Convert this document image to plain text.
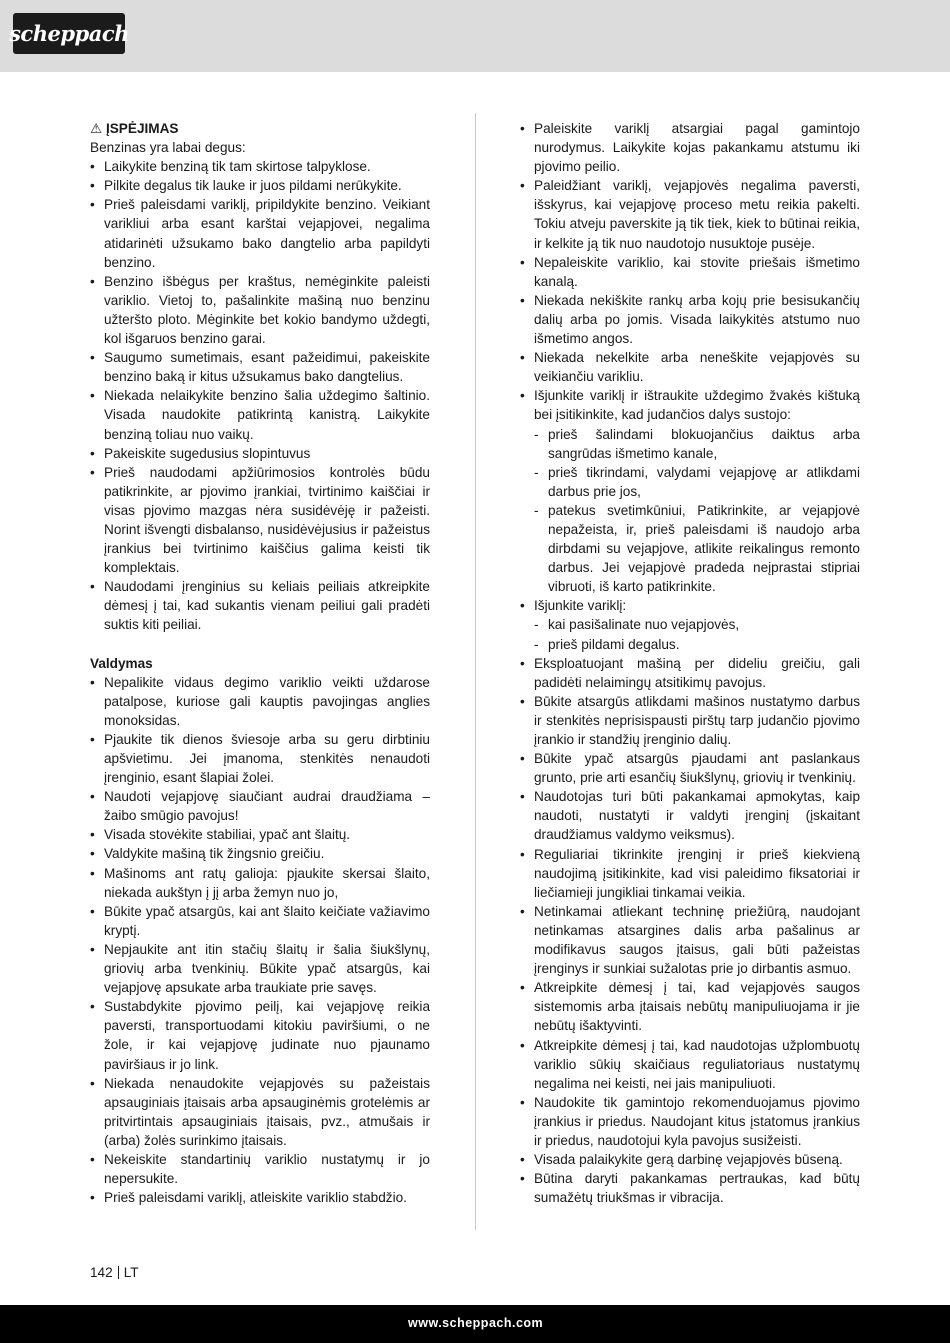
scheppach

⚠ ĮSPĖJIMAS

Benzinas yra labai degus:

• Laikykite benziną tik tam skirtose talpyklose.
• Pilkite degalus tik lauke ir juos pildami nerūkykite.
• Prieš paleisdami variklį, pripildykite benzino. Veikiant varikliui arba esant karštai vejapjovei, negalima atidarinėti užsukamo bako dangtelio arba papildyti benzino.
• Benzino išbėgus per kraštus, nemėginkite paleisti variklio. Vietoj to, pašalinkite mašiną nuo benzinu užteršto ploto. Mėginkite bet kokio bandymo uždegti, kol išgaruos benzino garai.
• Saugumo sumetimais, esant pažeidimui, pakeiskite benzino baką ir kitus užsukamus bako dangtelius.
• Niekada nelaikykite benzino šalia uždegimo šaltinio. Visada naudokite patikrintą kanistrą. Laikykite benziną toliau nuo vaikų.
• Pakeiskite sugedusius slopintuvus
• Prieš naudodami apžiūrimosios kontrolės būdu patikrinkite, ar pjovimo įrankiai, tvirtinimo kaiščiai ir visas pjovimo mazgas nėra susidėvėję ir pažeisti. Norint išvengti disbalanso, nusidėvėjusius ir pažeistus įrankius bei tvirtinimo kaiščius galima keisti tik komplektais.
• Naudodami įrenginius su keliais peiliais atkreipkite dėmesį į tai, kad sukantis vienam peiliui gali pradėti suktis kiti peiliai.

Valdymas

• Nepalikite vidaus degimo variklio veikti uždarose patalpose, kuriose gali kauptis pavojingas anglies monoksidas.
• Pjaukite tik dienos šviesoje arba su geru dirbtiniu apšvietimu. Jei įmanoma, stenkitės nenaudoti įrenginio, esant šlapiai žolei.
• Naudoti vejapjovę siaučiant audrai draudžiama – žaibo smūgio pavojus!
• Visada stovėkite stabiliai, ypač ant šlaitų.
• Valdykite mašiną tik žingsnio greičiu.
• Mašinoms ant ratų galioja: pjaukite skersai šlaito, niekada aukštyn į jį arba žemyn nuo jo,
• Būkite ypač atsargūs, kai ant šlaito keičiate važiavimo kryptį.
• Nepjaukite ant itin stačių šlaitų ir šalia šiukšlynų, griovių arba tvenkinių. Būkite ypač atsargūs, kai vejapjovę apsukate arba traukiate prie savęs.
• Sustabdykite pjovimo peilį, kai vejapjovę reikia paversti, transportuodami kitokiu paviršiumi, o ne žole, ir kai vejapjovę judinate nuo pjaunamo paviršiaus ir jo link.
• Niekada nenaudokite vejapjovės su pažeistais apsauginiais įtaisais arba apsauginėmis grotelėmis ar pritvirtintais apsauginiais įtaisais, pvz., atmušais ir (arba) žolės surinkimo įtaisais.
• Nekeiskite standartinių variklio nustatymų ir jo nepersukite.
• Prieš paleisdami variklį, atleiskite variklio stabdžio.
• Paleiskite variklį atsargiai pagal gamintojo nurodymus. Laikykite kojas pakankamu atstumu iki pjovimo peilio.
• Paleidžiant variklį, vejapjovės negalima paversti, išskyrus, kai vejapjovę proceso metu reikia pakelti. Tokiu atveju paverskite ją tik tiek, kiek to būtinai reikia, ir kelkite ją tik nuo naudotojo nusuktoje pusėje.
• Nepaleiskite variklio, kai stovite priešais išmetimo kanalą.
• Niekada nekiškite rankų arba kojų prie besisukančių dalių arba po jomis. Visada laikykitės atstumo nuo išmetimo angos.
• Niekada nekelkite arba neneškite vejapjovės su veikiančiu varikliu.
• Išjunkite variklį ir ištraukite uždegimo žvakės kištuką bei įsitikinkite, kad judančios dalys sustojo:
- prieš šalindami blokuojančius daiktus arba sangrūdas išmetimo kanale,
- prieš tikrindami, valydami vejapjovę ar atlikdami darbus prie jos,
- patekus svetimkūniui, Patikrinkite, ar vejapjovė nepažeista, ir, prieš paleisdami iš naudojo arba dirbdami su vejapjove, atlikite reikalingus remonto darbus. Jei vejapjovė pradeda neįprastai stipriai vibruoti, iš karto patikrinkite.
• Išjunkite variklį:
- kai pasišalinate nuo vejapjovės,
- prieš pildami degalus.
• Eksploatuojant mašiną per dideliu greičiu, gali padidėti nelaimingų atsitikimų pavojus.
• Būkite atsargūs atlikdami mašinos nustatymo darbus ir stenkitės neprisispausti pirštų tarp judančio pjovimo įrankio ir standžių įrenginio dalių.
• Būkite ypač atsargūs pjaudami ant paslankaus grunto, prie arti esančių šiukšlynų, griovių ir tvenkinių.
• Naudotojas turi būti pakankamai apmokytas, kaip naudoti, nustatyti ir valdyti įrenginį (įskaitant draudžiamus valdymo veiksmus).
• Reguliariai tikrinkite įrenginį ir prieš kiekvieną naudojimą įsitikinkite, kad visi paleidimo fiksatoriai ir liečiamieji jungikliai tinkamai veikia.
• Netinkamai atliekant techninę priežiūrą, naudojant netinkamas atsargines dalis arba pašalinus ar modifikavus saugos įtaisus, gali būti pažeistas įrenginys ir sunkiai sužalotas prie jo dirbantis asmuo.
• Atkreipkite dėmesį į tai, kad vejapjovės saugos sistemomis arba įtaisais nebūtų manipuliuojama ir jie nebūtų išaktyvinti.
• Atkreipkite dėmesį į tai, kad naudotojas užplombuotų variklio sūkių skaičiaus reguliatoriaus nustatymų negalima nei keisti, nei jais manipuliuoti.
• Naudokite tik gamintojo rekomenduojamus pjovimo įrankius ir priedus. Naudojant kitus įstatomus įrankius ir priedus, naudotojui kyla pavojus susižeisti.
• Visada palaikykite gerą darbinę vejapjovės būseną.
• Būtina daryti pakankamas pertraukas, kad būtų sumažėtų triukšmas ir vibracija.
142 LT
www.scheppach.com
